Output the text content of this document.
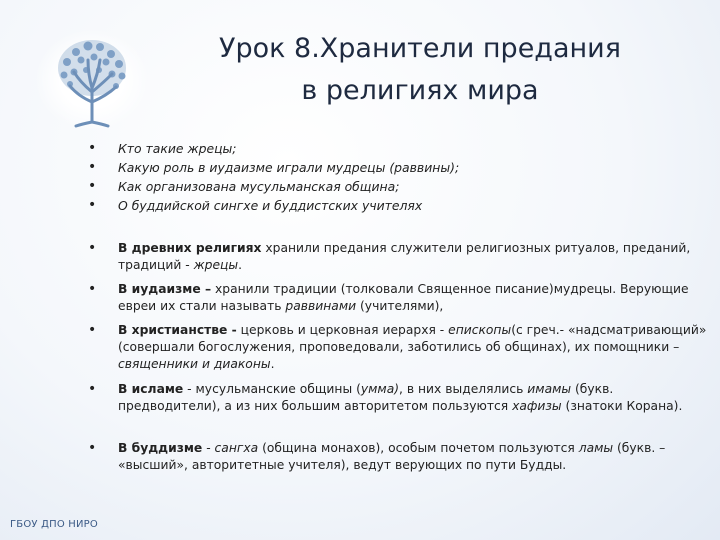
Урок 8.Хранители предания
в религиях мира
• Кто такие жрецы;
• Какую роль в иудаизме играли мудрецы (раввины);
• Как организована мусульманская община;
• О буддийской сингхе и буддистских учителях
• В древних религиях хранили предания служители религиозных ритуалов, преданий, традиций - жрецы.
• В иудаизме – хранили традиции (толковали Священное писание)мудрецы. Верующие евреи их стали называть раввинами (учителями),
• В христианстве - церковь и церковная иерархя - епископы(с греч.- «надсматривающий» (совершали богослужения, проповедовали, заботились об общинах), их помощники – священники и диаконы.
• В исламе - мусульманские общины (умма), в них выделялись имамы (букв. предводители), а из них большим авторитетом пользуются хафизы (знатоки Корана).
• В буддизме - сангха (община монахов), особым почетом пользуются ламы (букв. – «высший», авторитетные учителя), ведут верующих по пути Будды.
ГБОУ ДПО НИРО
